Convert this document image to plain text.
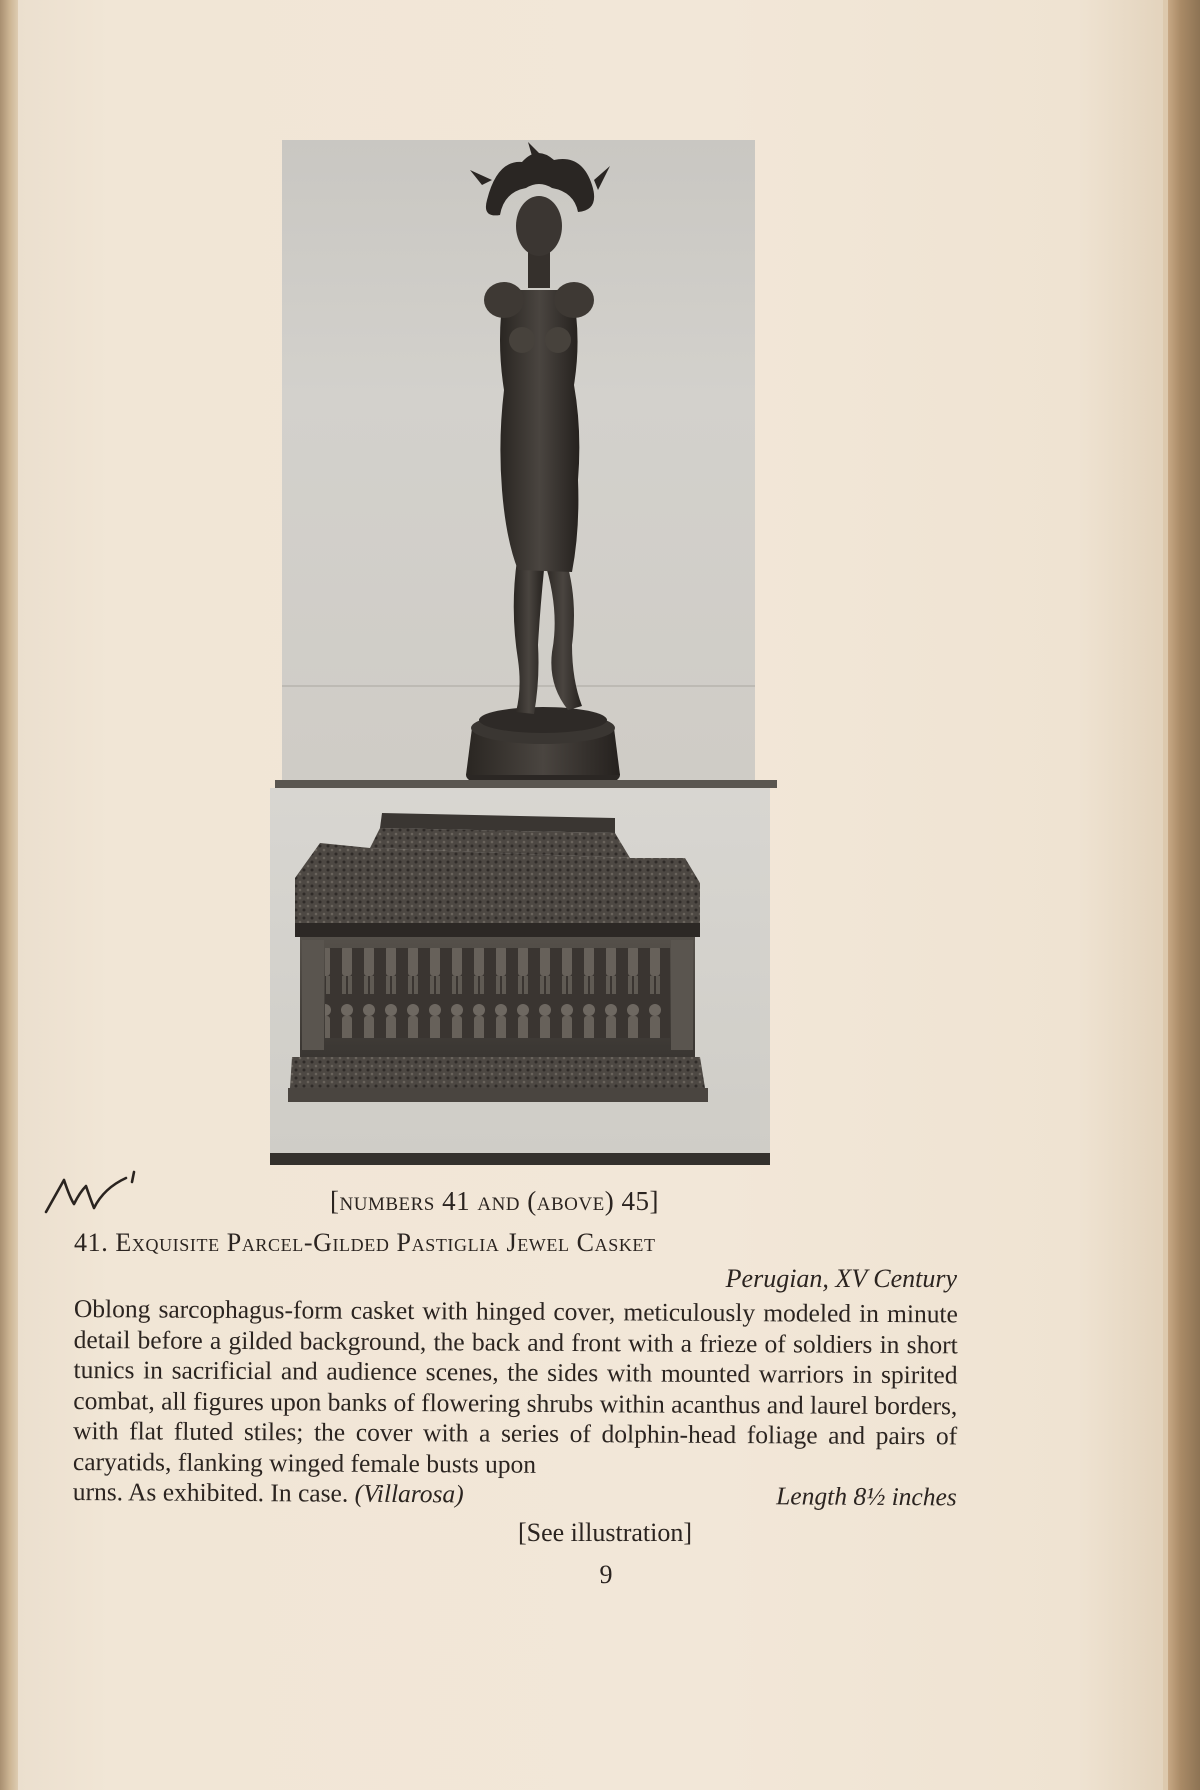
[numbers 41 and (above) 45]
41. Exquisite Parcel-Gilded Pastiglia Jewel Casket
Perugian, XV Century
Oblong sarcophagus-form casket with hinged cover, meticulously modeled in minute detail before a gilded background, the back and front with a frieze of soldiers in short tunics in sacrificial and audience scenes, the sides with mounted warriors in spirited combat, all figures upon banks of flowering shrubs within acanthus and laurel borders, with flat fluted stiles; the cover with a series of dolphin-head foliage and pairs of caryatids, flanking winged female busts upon
urns. As exhibited. In case. (Villarosa)	Length 8½ inches
[See illustration]
9
